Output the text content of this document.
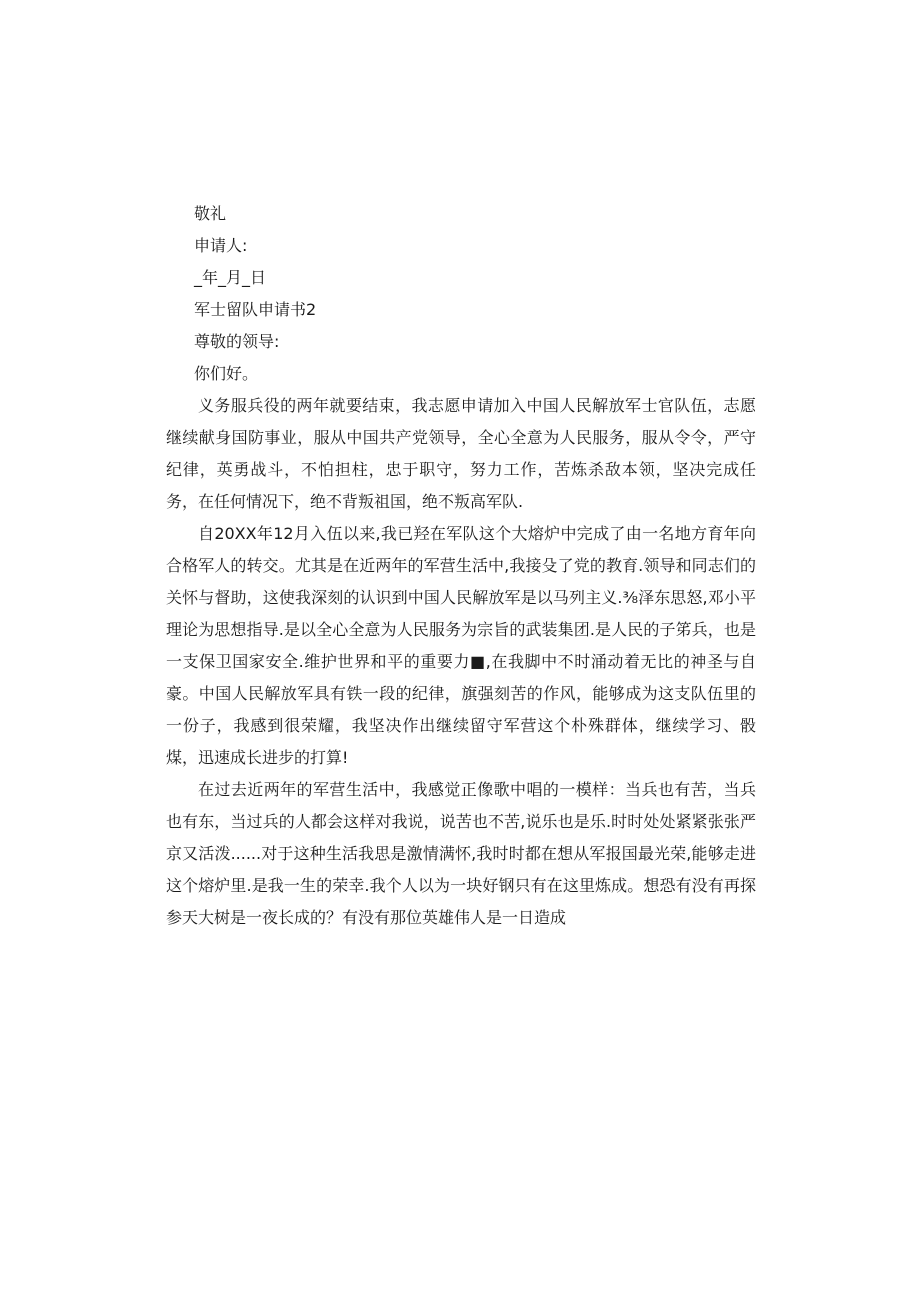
敬礼

申请人:

_年_月_日

军士留队申请书2

尊敬的领导:

你们好。

义务服兵役的两年就要结束，我志愿申请加入中国人民解放军士官队伍，志愿继续献身国防事业，服从中国共产党领导，全心全意为人民服务，服从令令，严守纪律，英勇战斗，不怕担柱，忠于职守，努力工作，苦炼杀敌本领，坚决完成任务，在任何情况下，绝不背叛祖国，绝不叛高军队.

自20XX年12月入伍以来,我已羟在军队这个大熔炉中完成了由一名地方育年向合格军人的转交。尤其是在近两年的军营生活中,我接殳了党的教育.领导和同志们的关怀与督助，这使我深刻的认识到中国人民解放军是以马列主义.⅜泽东思怒,邓小平理论为思想指导.是以全心全意为人民服务为宗旨的武装集团.是人民的子笫兵，也是一支保卫国家安全.维护世界和平的重要力■,在我脚中不时涌动着无比的神圣与自豪。中国人民解放军具有铁一段的纪律，旗强刻苦的作风，能够成为这支队伍里的一份子，我感到很荣耀，我坚决作出继续留守军营这个朴殊群体，继续学习、骰煤，迅速成长进步的打算!

在过去近两年的军营生活中，我感觉正像歌中唱的一模样：当兵也有苦，当兵也有东，当过兵的人都会这样对我说，说苦也不苦,说乐也是乐.时时处处紧紧张张严京又活泼......对于这种生活我思是激情满怀,我时时都在想从军报国最光荣,能够走进这个熔炉里.是我一生的荣幸.我个人以为一块好钢只有在这里炼成。想恐有没有再探参天大树是一夜长成的？有没有那位英雄伟人是一日造成
